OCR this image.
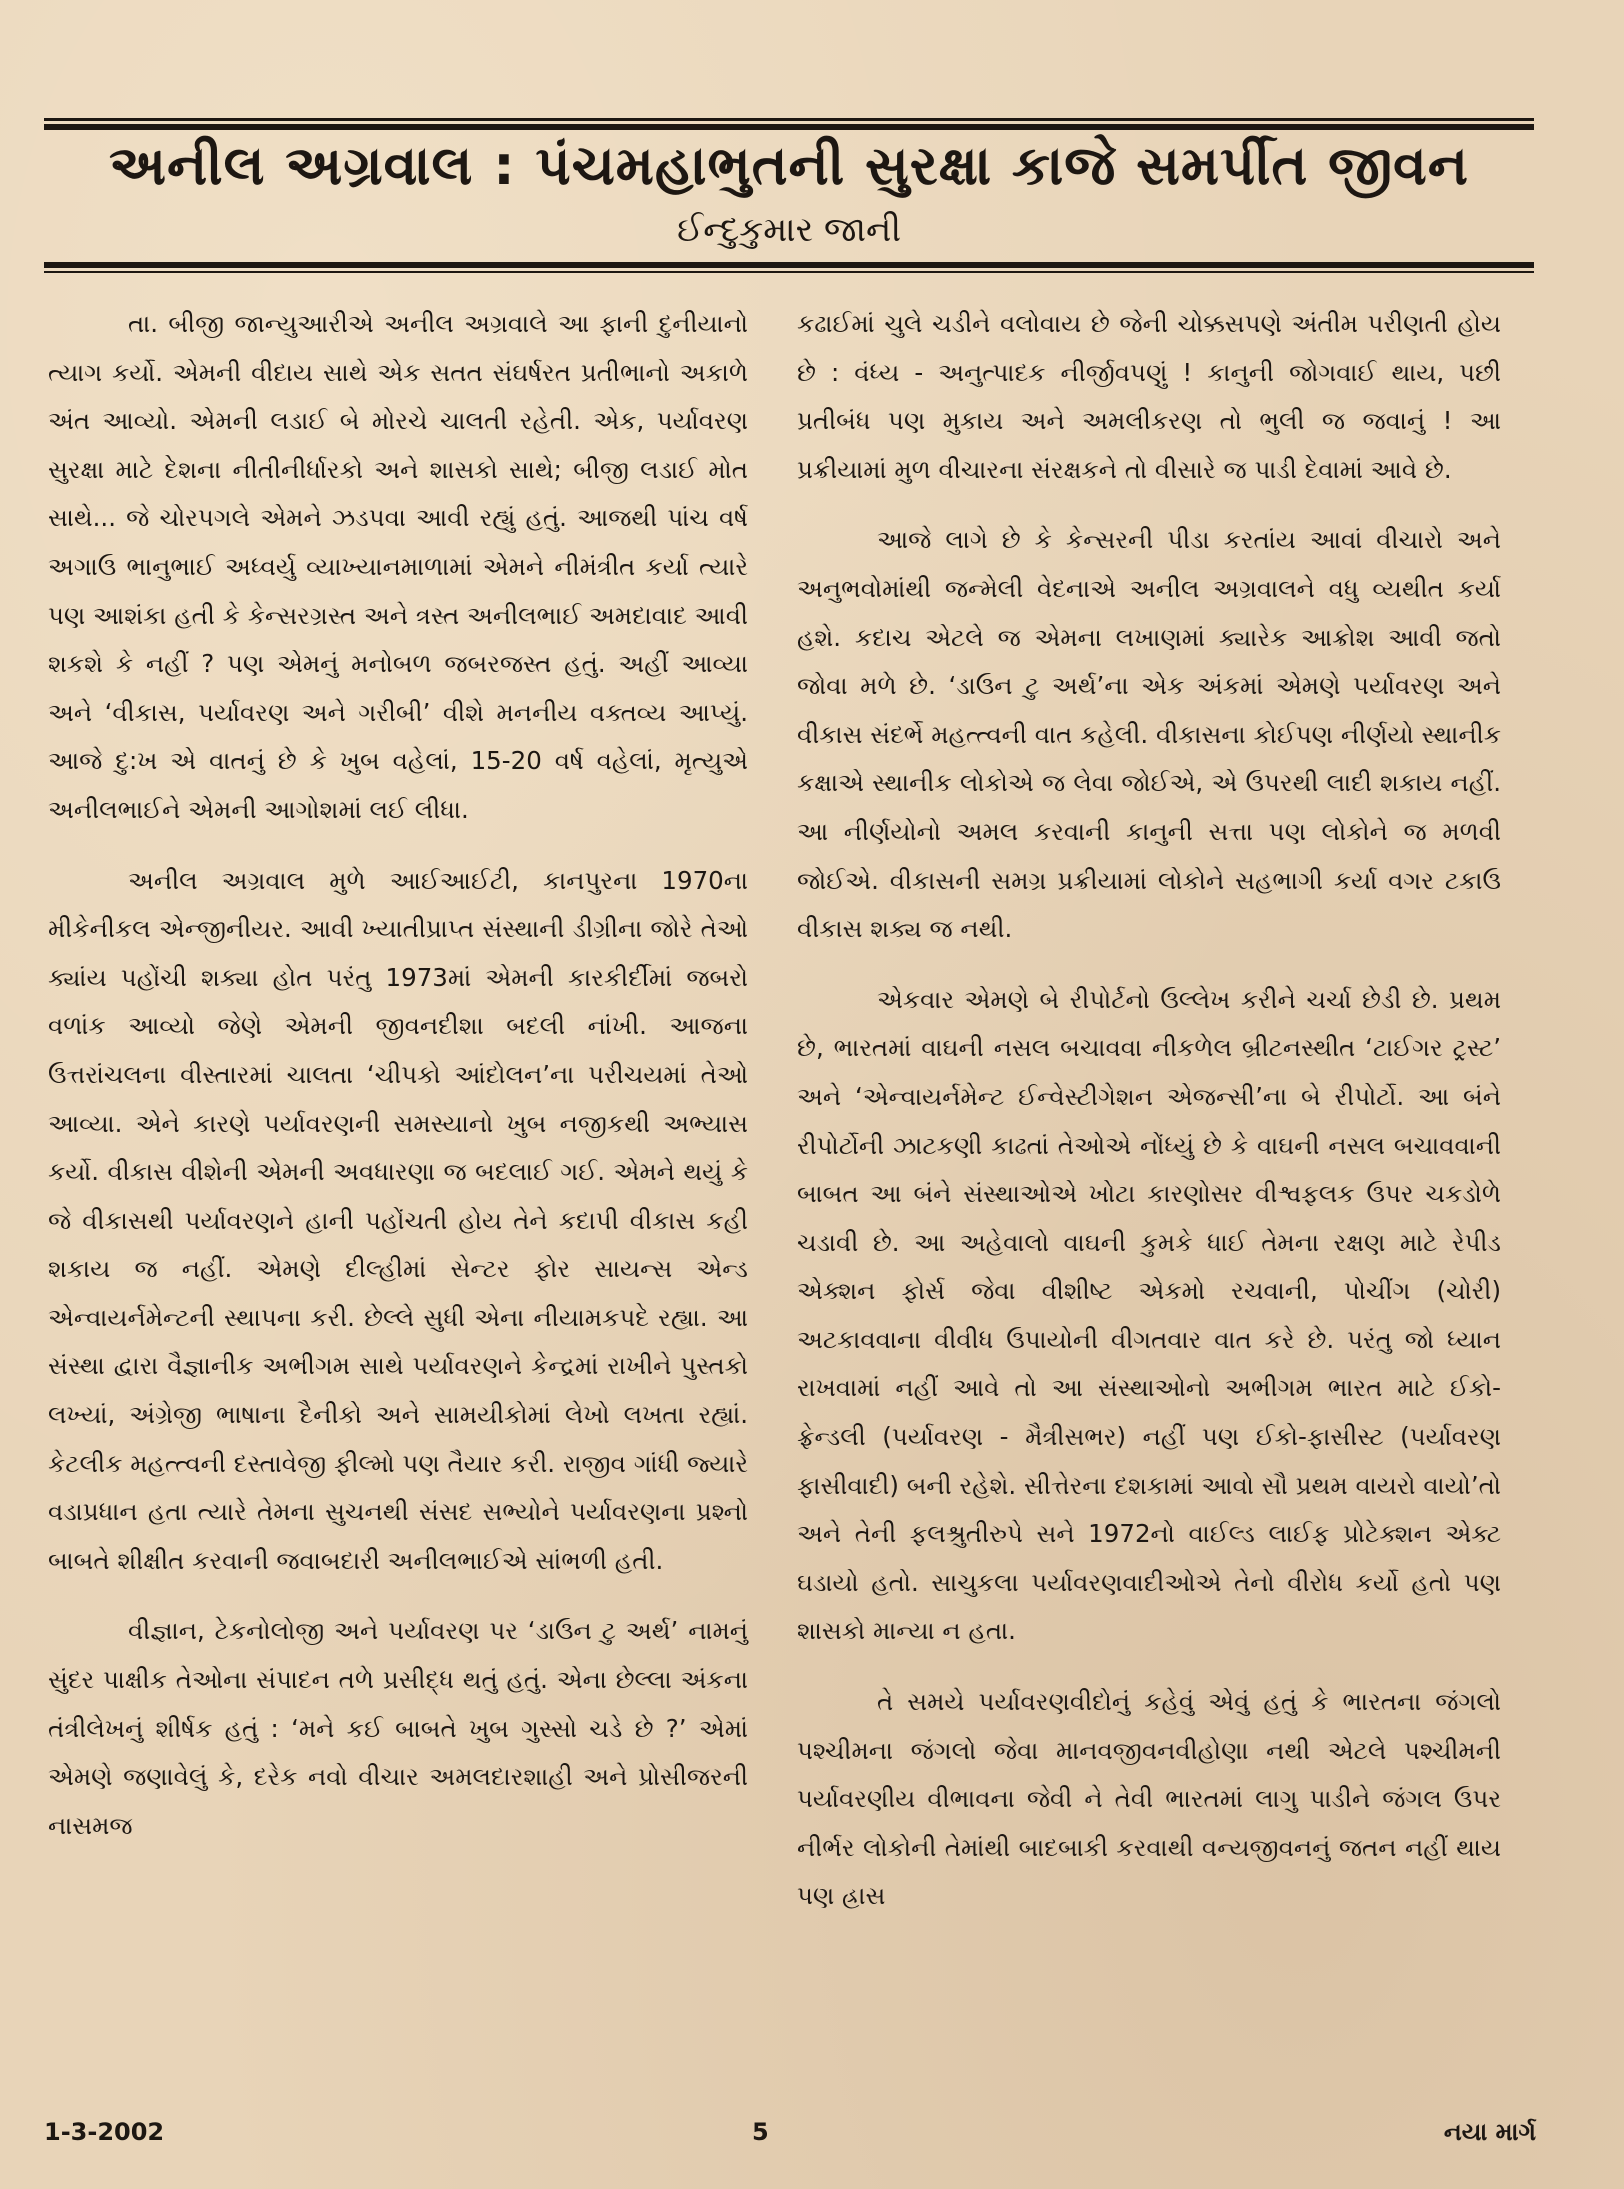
અનીલ અગ્રવાલ : પંચમહાભુતની સુરક્ષા કાજે સમર્પીત જીવન
ઈન્દુકુમાર જાની

તા. બીજી જાન્યુઆરીએ અનીલ અગ્રવાલે આ ફાની દુનીયાનો ત્યાગ કર્યો. એમની વીદાય સાથે એક સતત સંઘર્ષરત પ્રતીભાનો અકાળે અંત આવ્યો. એમની લડાઈ બે મોરચે ચાલતી રહેતી. એક, પર્યાવરણ સુરક્ષા માટે દેશના નીતીનીર્ધારકો અને શાસકો સાથે; બીજી લડાઈ મોત સાથે... જે ચોરપગલે એમને ઝડપવા આવી રહ્યું હતું. આજથી પાંચ વર્ષ અગાઉ ભાનુભાઈ અધ્વર્યુ વ્યાખ્યાનમાળામાં એમને નીમંત્રીત કર્યા ત્યારે પણ આશંકા હતી કે કેન્સરગ્રસ્ત અને ત્રસ્ત અનીલભાઈ અમદાવાદ આવી શકશે કે નહીં ? પણ એમનું મનોબળ જબરજસ્ત હતું. અહીં આવ્યા અને ‘વીકાસ, પર્યાવરણ અને ગરીબી’ વીશે મનનીય વક્તવ્ય આપ્યું. આજે દુ:ખ એ વાતનું છે કે ખુબ વહેલાં, 15-20 વર્ષ વહેલાં, મૃત્યુએ અનીલભાઈને એમની આગોશમાં લઈ લીધા.

અનીલ અગ્રવાલ મુળે આઈઆઈટી, કાનપુરના 1970ના મીકેનીકલ એન્જીનીયર. આવી ખ્યાતીપ્રાપ્ત સંસ્થાની ડીગ્રીના જોરે તેઓ ક્યાંય પહોંચી શક્યા હોત પરંતુ 1973માં એમની કારકીર્દીમાં જબરો વળાંક આવ્યો જેણે એમની જીવનદીશા બદલી નાંખી. આજના ઉત્તરાંચલના વીસ્તારમાં ચાલતા ‘ચીપકો આંદોલન’ના પરીચયમાં તેઓ આવ્યા. એને કારણે પર્યાવરણની સમસ્યાનો ખુબ નજીકથી અભ્યાસ કર્યો. વીકાસ વીશેની એમની અવધારણા જ બદલાઈ ગઈ. એમને થયું કે જે વીકાસથી પર્યાવરણને હાની પહોંચતી હોય તેને કદાપી વીકાસ કહી શકાય જ નહીં. એમણે દીલ્હીમાં સેન્ટર ફોર સાયન્સ એન્ડ એન્વાયર્નમેન્ટની સ્થાપના કરી. છેલ્લે સુધી એના નીયામકપદે રહ્યા. આ સંસ્થા દ્વારા વૈજ્ઞાનીક અભીગમ સાથે પર્યાવરણને કેન્દ્રમાં રાખીને પુસ્તકો લખ્યાં, અંગ્રેજી ભાષાના દૈનીકો અને સામયીકોમાં લેખો લખતા રહ્યાં. કેટલીક મહત્ત્વની દસ્તાવેજી ફીલ્મો પણ તૈયાર કરી. રાજીવ ગાંધી જ્યારે વડાપ્રધાન હતા ત્યારે તેમના સુચનથી સંસદ સભ્યોને પર્યાવરણના પ્રશ્નો બાબતે શીક્ષીત કરવાની જવાબદારી અનીલભાઈએ સાંભળી હતી.

વીજ્ઞાન, ટેકનોલોજી અને પર્યાવરણ પર ‘ડાઉન ટુ અર્થ’ નામનું સુંદર પાક્ષીક તેઓના સંપાદન તળે પ્રસીદ્ધ થતું હતું. એના છેલ્લા અંકના તંત્રીલેખનું શીર્ષક હતું : ‘મને કઈ બાબતે ખુબ ગુસ્સો ચડે છે ?’ એમાં એમણે જણાવેલું કે, દરેક નવો વીચાર અમલદારશાહી અને પ્રોસીજરની નાસમજ

કઢાઈમાં ચુલે ચડીને વલોવાય છે જેની ચોક્કસપણે અંતીમ પરીણતી હોય છે : વંધ્ય - અનુત્પાદક નીર્જીવપણું ! કાનુની જોગવાઈ થાય, પછી પ્રતીબંધ પણ મુકાય અને અમલીકરણ તો ભુલી જ જવાનું ! આ પ્રક્રીયામાં મુળ વીચારના સંરક્ષકને તો વીસારે જ પાડી દેવામાં આવે છે.

આજે લાગે છે કે કેન્સરની પીડા કરતાંય આવાં વીચારો અને અનુભવોમાંથી જન્મેલી વેદનાએ અનીલ અગ્રવાલને વધુ વ્યથીત કર્યા હશે. કદાચ એટલે જ એમના લખાણમાં ક્યારેક આક્રોશ આવી જતો જોવા મળે છે. ‘ડાઉન ટુ અર્થ’ના એક અંકમાં એમણે પર્યાવરણ અને વીકાસ સંદર્ભે મહત્ત્વની વાત કહેલી. વીકાસના કોઈપણ નીર્ણયો સ્થાનીક કક્ષાએ સ્થાનીક લોકોએ જ લેવા જોઈએ, એ ઉપરથી લાદી શકાય નહીં. આ નીર્ણયોનો અમલ કરવાની કાનુની સત્તા પણ લોકોને જ મળવી જોઈએ. વીકાસની સમગ્ર પ્રક્રીયામાં લોકોને સહભાગી કર્યા વગર ટકાઉ વીકાસ શક્ય જ નથી.

એકવાર એમણે બે રીપોર્ટનો ઉલ્લેખ કરીને ચર્ચા છેડી છે. પ્રથમ છે, ભારતમાં વાઘની નસલ બચાવવા નીકળેલ બ્રીટનસ્થીત ‘ટાઈગર ટ્રસ્ટ’ અને ‘એન્વાયર્નમેન્ટ ઈન્વેસ્ટીગેશન એજન્સી’ના બે રીપોર્ટો. આ બંને રીપોર્ટોની ઝાટકણી કાઢતાં તેઓએ નોંધ્યું છે કે વાઘની નસલ બચાવવાની બાબત આ બંને સંસ્થાઓએ ખોટા કારણોસર વીશ્વફલક ઉપર ચકડોળે ચડાવી છે. આ અહેવાલો વાઘની કુમકે ધાઈ તેમના રક્ષણ માટે રેપીડ એક્શન ફોર્સ જેવા વીશીષ્ટ એકમો રચવાની, પોચીંગ (ચોરી) અટકાવવાના વીવીધ ઉપાયોની વીગતવાર વાત કરે છે. પરંતુ જો ધ્યાન રાખવામાં નહીં આવે તો આ સંસ્થાઓનો અભીગમ ભારત માટે ઈકો-ફ્રેન્ડલી (પર્યાવરણ - મૈત્રીસભર) નહીં પણ ઈકો-ફાસીસ્ટ (પર્યાવરણ ફાસીવાદી) બની રહેશે. સીત્તેરના દશકામાં આવો સૌ પ્રથમ વાયરો વાયો’તો અને તેની ફલશ્રુતીરુપે સને 1972નો વાઈલ્ડ લાઈફ પ્રોટેક્શન એક્ટ ઘડાયો હતો. સાચુકલા પર્યાવરણવાદીઓએ તેનો વીરોધ કર્યો હતો પણ શાસકો માન્યા ન હતા.

તે સમયે પર્યાવરણવીદોનું કહેવું એવું હતું કે ભારતના જંગલો પશ્ચીમના જંગલો જેવા માનવજીવનવીહોણા નથી એટલે પશ્ચીમની પર્યાવરણીય વીભાવના જેવી ને તેવી ભારતમાં લાગુ પાડીને જંગલ ઉપર નીર્ભર લોકોની તેમાંથી બાદબાકી કરવાથી વન્યજીવનનું જતન નહીં થાય પણ હ્રાસ

1-3-2002	5	નયા માર્ગ
